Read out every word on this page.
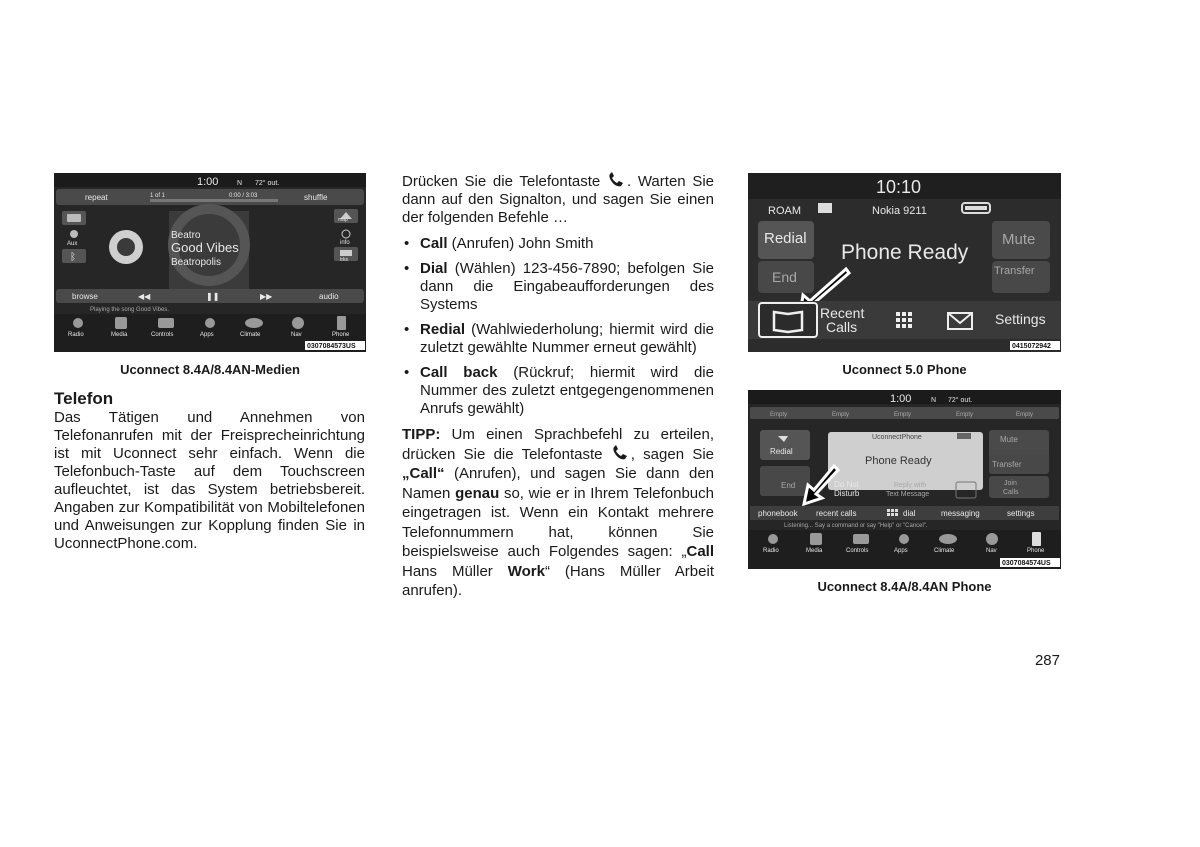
1:00	N 72° out.
repeat	1 of 1	0:00 / 3:03	shuffle
Aux
ᛒ
Beatro
Good Vibes
Beatropolis
map
info
trks
browse	◀◀	❚❚	▶▶	audio
Playing the song Good Vibes.
Radio	Media	Controls	Apps	Climate	Nav	Phone
0307084573US
Uconnect 8.4A/8.4AN-Medien
Telefon
Das Tätigen und Annehmen von Telefonanrufen mit der Freisprecheinrichtung ist mit Uconnect sehr einfach. Wenn die Telefonbuch-Taste auf dem Touchscreen aufleuchtet, ist das System betriebsbereit. Angaben zur Kompatibilität von Mobiltelefonen und Anweisungen zur Kopplung finden Sie in UconnectPhone.com.

Drücken Sie die Telefontaste . Warten Sie dann auf den Signalton, und sagen Sie einen der folgenden Befehle …

• Call (Anrufen) John Smith
• Dial (Wählen) 123-456-7890; befolgen Sie dann die Eingabeaufforderungen des Systems
• Redial (Wahlwiederholung; hiermit wird die zuletzt gewählte Nummer erneut gewählt)
• Call back (Rückruf; hiermit wird die Nummer des zuletzt entgegengenommenen Anrufs gewählt)

TIPP: Um einen Sprachbefehl zu erteilen, drücken Sie die Telefontaste , sagen Sie „Call“ (Anrufen), und sagen Sie dann den Namen genau so, wie er in Ihrem Telefonbuch eingetragen ist. Wenn ein Kontakt mehrere Telefonnummern hat, können Sie beispielsweise auch Folgendes sagen: „Call Hans Müller Work“ (Hans Müller Arbeit anrufen).

10:10
ROAM	Nokia 9211
Redial
End
Mute
Transfer
Phone Ready
Recent
Calls	Settings
0415072942
Uconnect 5.0 Phone
1:00	N 72° out.
Empty	Empty	Empty	Empty	Empty
Redial
End
UconnectPhone
Phone Ready
Mute
Transfer
Join
Calls
Do Not
Disturb
Reply with
Text Message
phonebook recent calls	dial	messaging	settings
Listening... Say a command or say "Help" or "Cancel".
Radio	Media	Controls	Apps	Climate	Nav	Phone
0307084574US
Uconnect 8.4A/8.4AN Phone
287
